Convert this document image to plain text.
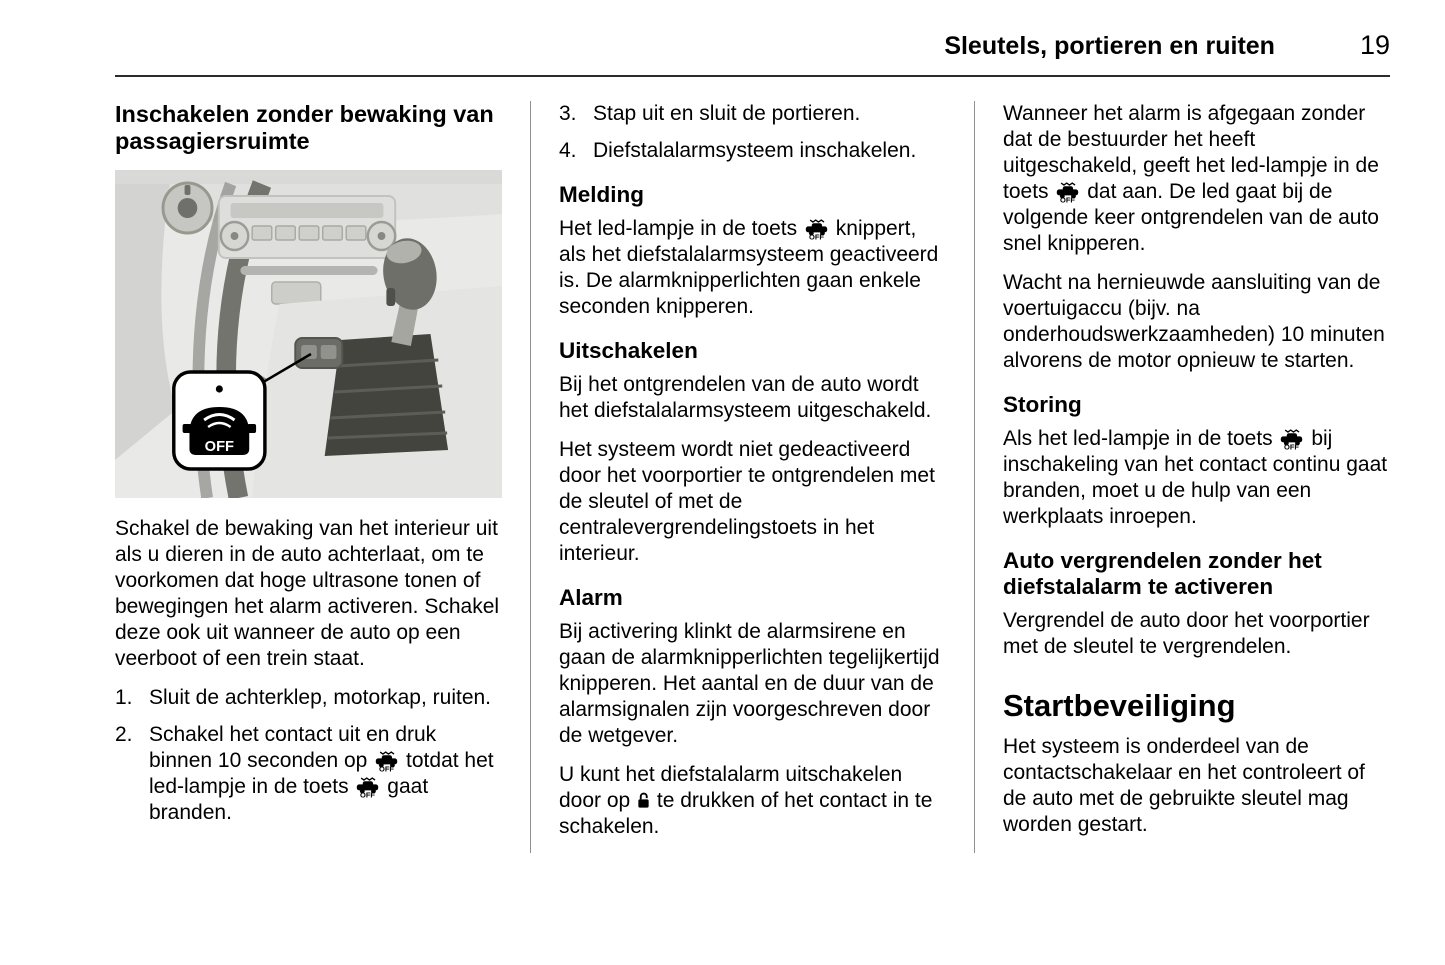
Sleutels, portieren en ruiten	19
Inschakelen zonder bewaking van passagiersruimte
OFF

Schakel de bewaking van het interieur uit als u dieren in de auto achterlaat, om te voorkomen dat hoge ultrasone tonen of bewegingen het alarm activeren. Schakel deze ook uit wanneer de auto op een veerboot of een trein staat.

1. Sluit de achterklep, motorkap, ruiten.
2. Schakel het contact uit en druk binnen 10 seconden op  totdat het led-lampje in de toets  gaat branden.
3. Stap uit en sluit de portieren.
4. Diefstalalarmsysteem inschakelen.
Melding

Het led-lampje in de toets  knippert, als het diefstalalarmsysteem geactiveerd is. De alarmknipperlichten gaan enkele seconden knipperen.

Uitschakelen

Bij het ontgrendelen van de auto wordt het diefstalalarmsysteem uitgeschakeld.

Het systeem wordt niet gedeactiveerd door het voorportier te ontgrendelen met de sleutel of met de centralevergrendelingstoets in het interieur.

Alarm

Bij activering klinkt de alarmsirene en gaan de alarmknipperlichten tegelijkertijd knipperen. Het aantal en de duur van de alarmsignalen zijn voorgeschreven door de wetgever.

U kunt het diefstalalarm uitschakelen door op  te drukken of het contact in te schakelen.

Wanneer het alarm is afgegaan zonder dat de bestuurder het heeft uitgeschakeld, geeft het led-lampje in de toets  dat aan. De led gaat bij de volgende keer ontgrendelen van de auto snel knipperen.

Wacht na hernieuwde aansluiting van de voertuigaccu (bijv. na onderhoudswerkzaamheden) 10 minuten alvorens de motor opnieuw te starten.

Storing

Als het led-lampje in de toets  bij inschakeling van het contact continu gaat branden, moet u de hulp van een werkplaats inroepen.

Auto vergrendelen zonder het diefstalalarm te activeren

Vergrendel de auto door het voorportier met de sleutel te vergrendelen.

Startbeveiliging

Het systeem is onderdeel van de contactschakelaar en het controleert of de auto met de gebruikte sleutel mag worden gestart.
